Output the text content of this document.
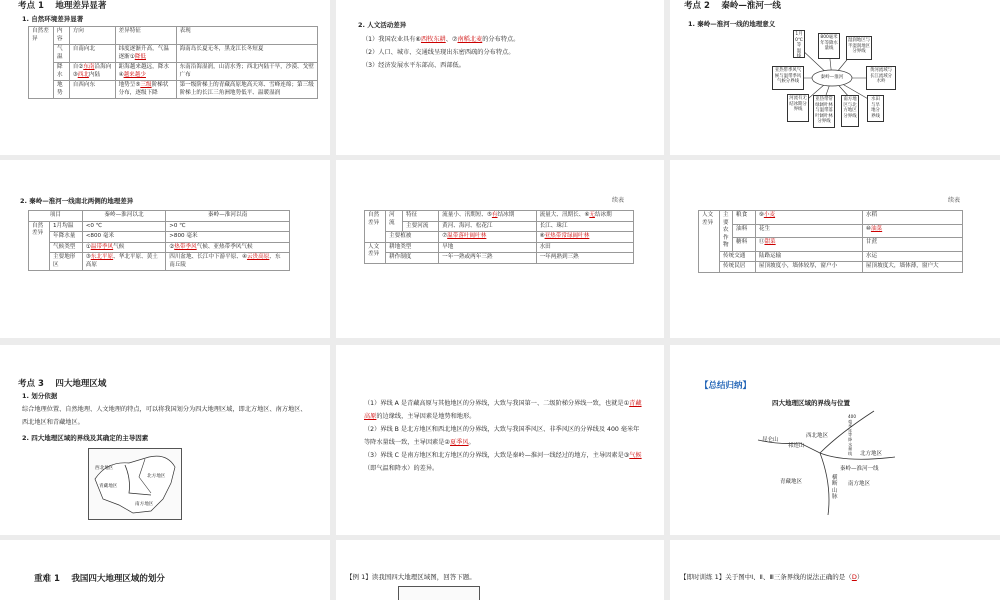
考点 1　 地理差异显著
1. 自然环境差异显著
自然差异	内容	方向	差异特征	表现
	气温	自南向北	纬度逐渐升高，气温逐渐①降低	海南岛长夏无冬，黑龙江长冬短夏
	降水	自②东南沿海向③西北内陆	距海越来越远，降水④越来越少	东南沿海湿润，山清水秀；西北内陆干旱，沙漠、戈壁广布
	地势	自西向东	地势呈⑤三级阶梯状分布，逐级下降	第一级阶梯上的青藏高原地高天寒、雪峰连绵；第三级阶梯上的长江三角洲地势低平、温暖湿润
2. 人文活动差异
（1）我国农业具有⑥西牧东耕、⑦南稻北麦的分布特点。
（2）人口、城市、交通线呈现出东密西疏的分布特点。
（3）经济发展水平东部高、西部低。
考点 2　 秦岭—淮河一线
1. 秦岭—淮河一线的地理意义
秦岭—淮河
1月0℃等温线
800毫米年等降水量线
湿润地区与半湿润地区分界线
亚热带季风气候与温带季风气候分界线
黄河流域与长江流域分水岭
河流有无结冰期分界线
亚热带常绿阔叶林与温带落叶阔叶林分界线
南方地区与北方地区分界线
水田与旱地分界线
2. 秦岭—淮河一线南北两侧的地理差异
项目		秦岭—淮河以北	秦岭—淮河以南
自然差异	1月均温	<0 ℃	>0 ℃
	年降水量	<800 毫米	>800 毫米
	气候类型	①温带季风气候	②热带季风气候、亚热带季风气候
	主要地形区	③东北平原、华北平原、黄土高原	四川盆地、长江中下游平原、④云贵高原、东南丘陵
续表
自然差异	河流	特征	流量小、汛期短、⑤有结冰期	流量大、汛期长、⑥无结冰期
		主要河流	黄河、海河、松花江	长江、珠江
	主要植被		⑦温带落叶阔叶林	⑧亚热带常绿阔叶林
人文差异	耕地类型		旱地	水田
	耕作制度		一年一熟或两年三熟	一年两熟到三熟
续表
人文差异	主要农作物	粮食	⑨小麦	水稻
		油料	花生	⑩油菜
		糖料	⑪甜菜	甘蔗
	传统交通		陆路运输	水运
	传统民居		屋顶坡度小，墙体较厚，窗户小	屋顶坡度大，墙体薄，窗户大
考点 3　 四大地理区域
1. 划分依据
综合地理位置、自然地理、人文地理的特点，可以将我国划分为四大地理区域，即北方地区、南方地区、西北地区和青藏地区。
2. 四大地理区域的界线及其确定的主导因素
西北地区
北方地区
青藏地区
南方地区
（1）界线 A 是青藏高原与其他地区的分界线，大致与我国第一、二级阶梯分界线一致，也就是①青藏高原的边缘线，主导因素是地势和地形。
（2）界线 B 是北方地区和西北地区的分界线，大致与我国季风区、非季风区的分界线及 400 毫米年等降水量线一致，主导因素是②夏季风。
（3）界线 C 是南方地区和北方地区的分界线，大致是秦岭—淮河一线经过的地方，主导因素是③气候（即气温和降水）的差异。
【总结归纳】
四大地理区域的界线与位置
昆仑山
祁连山
西北地区
400毫米年等降水量线	北方地区
秦岭—淮河一线
青藏地区
横断山脉
南方地区
重难 1　 我国四大地理区域的划分	【例 1】读我国四大地理区域图，回答下题。	【即时训练 1】关于图中Ⅰ、Ⅱ、Ⅲ三条界线的说法正确的是（D）
